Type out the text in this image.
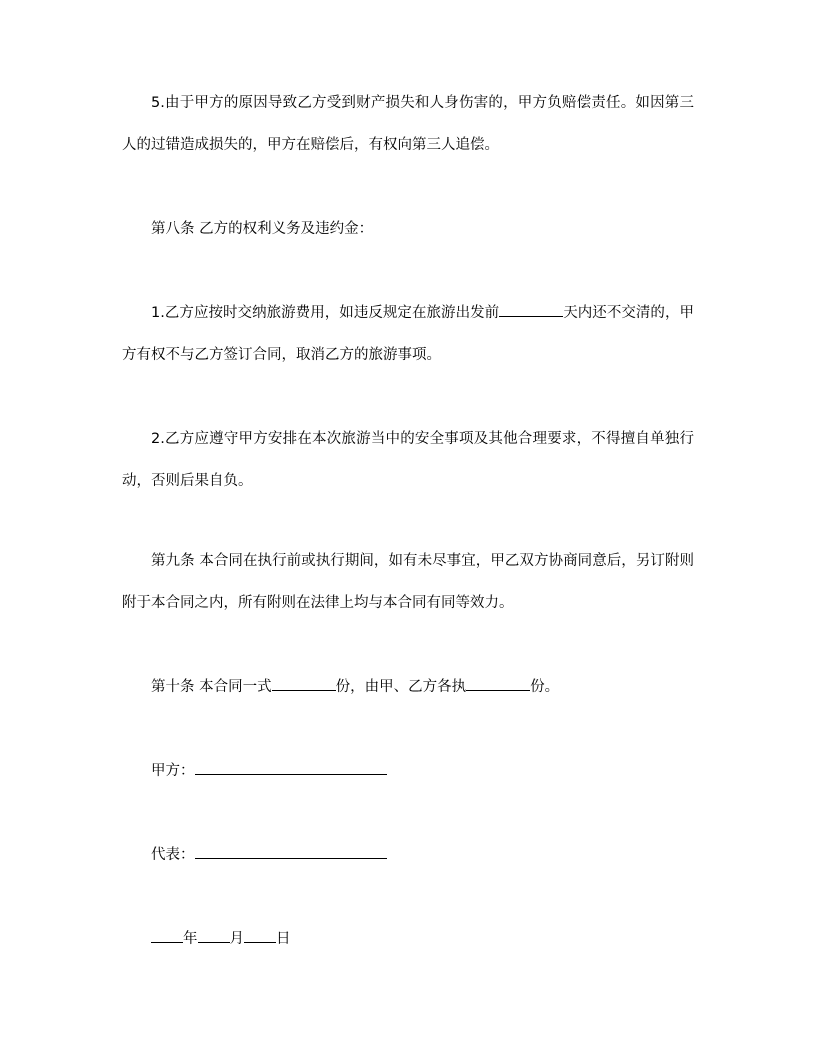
5.由于甲方的原因导致乙方受到财产损失和人身伤害的，甲方负赔偿责任。如因第三人的过错造成损失的，甲方在赔偿后，有权向第三人追偿。

第八条 乙方的权利义务及违约金：

1.乙方应按时交纳旅游费用，如违反规定在旅游出发前	天内还不交清的，甲方有权不与乙方签订合同，取消乙方的旅游事项。

2.乙方应遵守甲方安排在本次旅游当中的安全事项及其他合理要求，不得擅自单独行动，否则后果自负。

第九条 本合同在执行前或执行期间，如有未尽事宜，甲乙双方协商同意后，另订附则附于本合同之内，所有附则在法律上均与本合同有同等效力。

第十条 本合同一式	份，由甲、乙方各执	份。

甲方：

代表：

年 月 日
